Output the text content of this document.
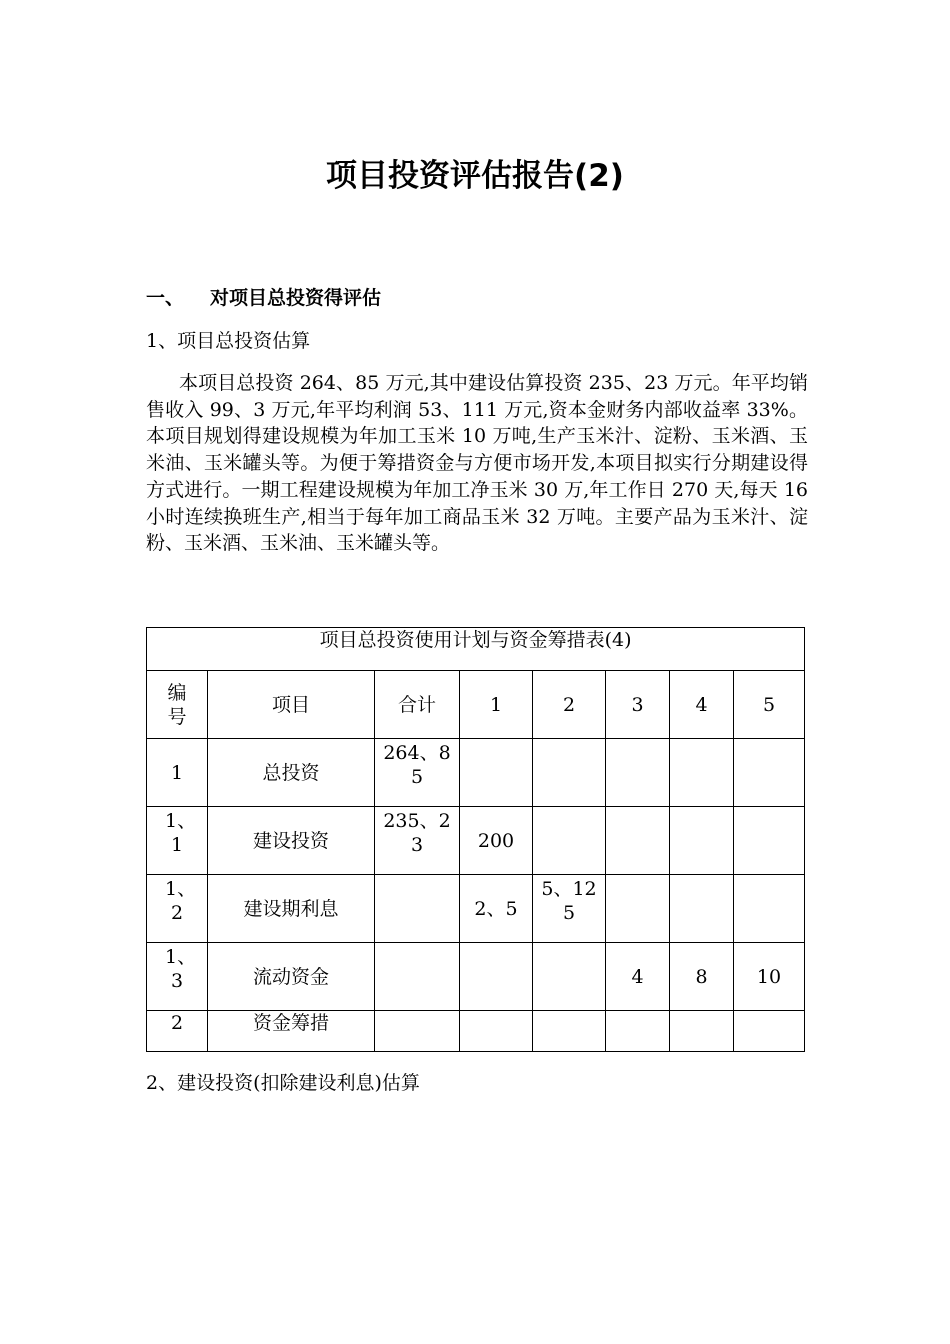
项目投资评估报告(2)
一、 对项目总投资得评估
1、项目总投资估算
本项目总投资 264、85 万元,其中建设估算投资 235、23 万元。年平均销售收入 99、3 万元,年平均利润 53、111 万元,资本金财务内部收益率 33%。本项目规划得建设规模为年加工玉米 10 万吨,生产玉米汁、淀粉、玉米酒、玉米油、玉米罐头等。为便于筹措资金与方便市场开发,本项目拟实行分期建设得方式进行。一期工程建设规模为年加工净玉米 30 万,年工作日 270 天,每天 16 小时连续换班生产,相当于每年加工商品玉米 32 万吨。主要产品为玉米汁、淀粉、玉米酒、玉米油、玉米罐头等。
项目总投资使用计划与资金筹措表(4)							

编号	项目	合计	1	2	3	4	5
1	总投资	264、85					

1、1	建设投资	235、23	200				

1、2	建设期利息		2、5	5、125			

1、3	流动资金				4	8	10
2	资金筹措						
2、建设投资(扣除建设利息)估算
